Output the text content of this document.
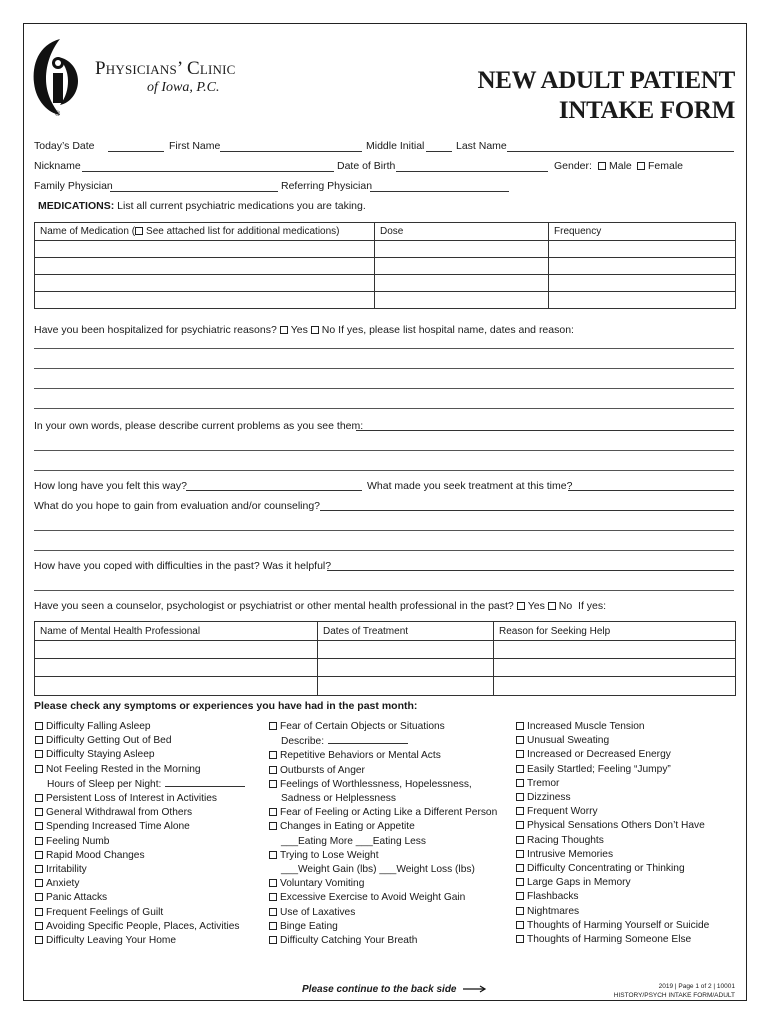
®
Physicians’ Clinic
of Iowa, P.C.	NEW ADULT PATIENT
INTAKE FORM
Today’s Date	First Name	Middle Initial	Last Name
Nickname	Date of Birth	Gender:	Male	Female
Family Physician	Referring Physician
MEDICATIONS: List all current psychiatric medications you are taking.
Name of Medication ( See attached list for additional medications)	Dose	Frequency

Have you been hospitalized for psychiatric reasons? Yes No If yes, please list hospital name, dates and reason:
In your own words, please describe current problems as you see them:
How long have you felt this way?	What made you seek treatment at this time?
What do you hope to gain from evaluation and/or counseling?
How have you coped with difficulties in the past? Was it helpful?
Have you seen a counselor, psychologist or psychiatrist or other mental health professional in the past? Yes No If yes:
Name of Mental Health Professional	Dates of Treatment	Reason for Seeking Help

Please check any symptoms or experiences you have had in the past month:
Difficulty Falling Asleep
Difficulty Getting Out of Bed
Difficulty Staying Asleep
Not Feeling Rested in the Morning
Hours of Sleep per Night:
Persistent Loss of Interest in Activities
General Withdrawal from Others
Spending Increased Time Alone
Feeling Numb
Rapid Mood Changes
Irritability
Anxiety
Panic Attacks
Frequent Feelings of Guilt
Avoiding Specific People, Places, Activities
Difficulty Leaving Your Home
Fear of Certain Objects or Situations
Describe:
Repetitive Behaviors or Mental Acts
Outbursts of Anger
Feelings of Worthlessness, Hopelessness,
Sadness or Helplessness
Fear of Feeling or Acting Like a Different Person
Changes in Eating or Appetite
___Eating More ___Eating Less
Trying to Lose Weight
___Weight Gain (lbs) ___Weight Loss (lbs)
Voluntary Vomiting
Excessive Exercise to Avoid Weight Gain
Use of Laxatives
Binge Eating
Difficulty Catching Your Breath
Increased Muscle Tension
Unusual Sweating
Increased or Decreased Energy
Easily Startled; Feeling “Jumpy”
Tremor
Dizziness
Frequent Worry
Physical Sensations Others Don’t Have
Racing Thoughts
Intrusive Memories
Difficulty Concentrating or Thinking
Large Gaps in Memory
Flashbacks
Nightmares
Thoughts of Harming Yourself or Suicide
Thoughts of Harming Someone Else
Please continue to the back side	2019 | Page 1 of 2 | 10001
HISTORY/PSYCH INTAKE FORM/ADULT
